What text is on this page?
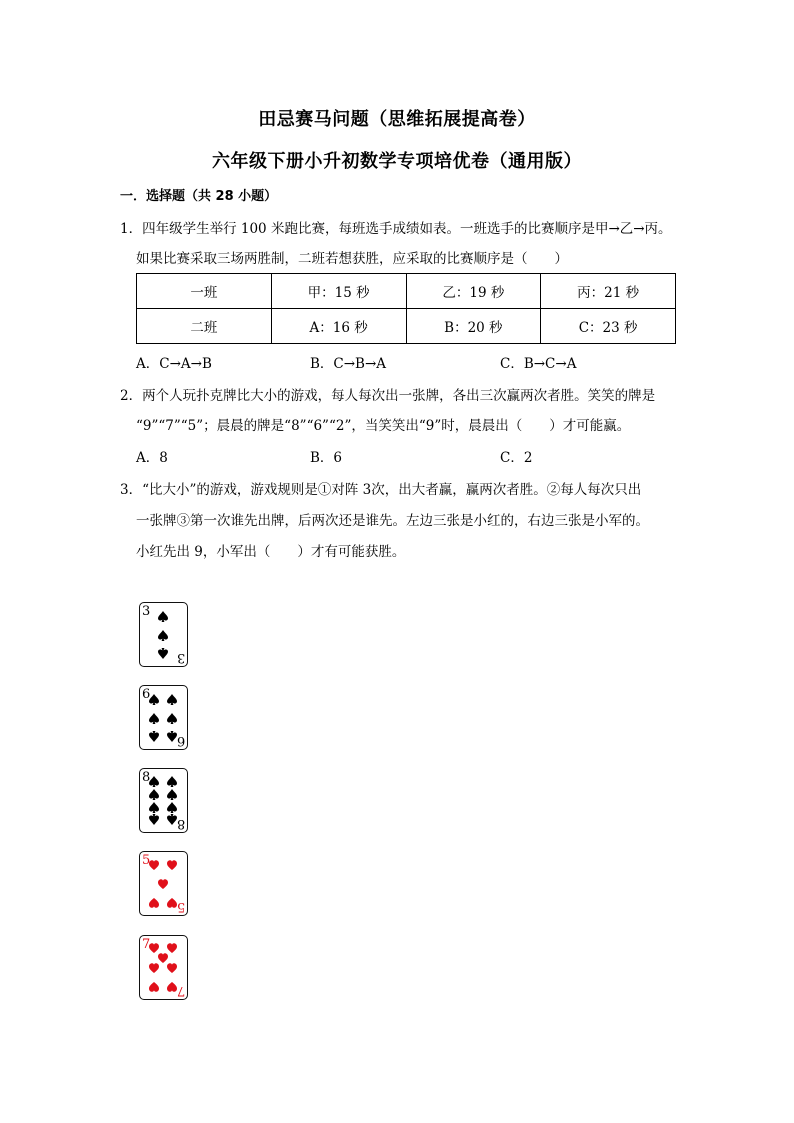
田忌赛马问题（思维拓展提高卷）
六年级下册小升初数学专项培优卷（通用版）
一．选择题（共 28 小题）
1．四年级学生举行 100 米跑比赛，每班选手成绩如表。一班选手的比赛顺序是甲→乙→丙。
如果比赛采取三场两胜制，二班若想获胜，应采取的比赛顺序是（　　）
一班	甲：15 秒	乙：19 秒	丙：21 秒
二班	A：16 秒	B：20 秒	C：23 秒
A．C→A→B	B．C→B→A	C．B→C→A
2．两个人玩扑克牌比大小的游戏，每人每次出一张牌，各出三次赢两次者胜。笑笑的牌是
“9”“7”“5”；晨晨的牌是“8”“6”“2”，当笑笑出“9”时，晨晨出（　　）才可能赢。
A．8	B．6	C．2
3．“比大小”的游戏，游戏规则是①对阵 3次，出大者赢，赢两次者胜。②每人每次只出
一张牌③第一次谁先出牌，后两次还是谁先。左边三张是小红的，右边三张是小军的。
小红先出 9，小军出（　　）才有可能获胜。
3
3
6
6
8
8
5
5
7
7
